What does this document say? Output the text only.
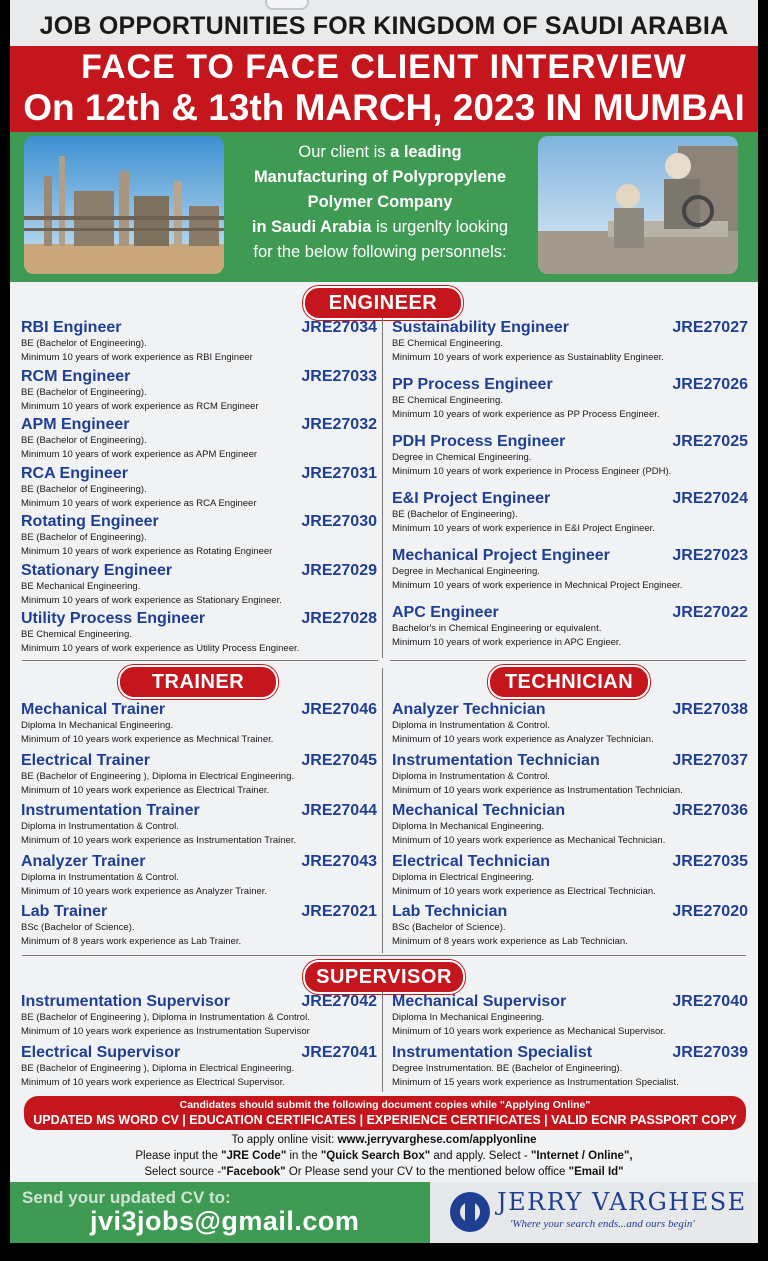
JOB OPPORTUNITIES FOR KINGDOM OF SAUDI ARABIA
FACE TO FACE CLIENT INTERVIEW
On 12th & 13th MARCH, 2023 IN MUMBAI
Our client is a leading
Manufacturing of Polypropylene
Polymer Company
in Saudi Arabia is urgenlty looking
for the below following personnels:
ENGINEER
RBI Engineer	JRE27034
BE (Bachelor of Engineering).
Minimum 10 years of work experience as RBI Engineer
RCM Engineer	JRE27033
BE (Bachelor of Engineering).
Minimum 10 years of work experience as RCM Engineer
APM Engineer	JRE27032
BE (Bachelor of Engineering).
Minimum 10 years of work experience as APM Engineer
RCA Engineer	JRE27031
BE (Bachelor of Engineering).
Minimum 10 years of work experience as RCA Engineer
Rotating Engineer	JRE27030
BE (Bachelor of Engineering).
Minimum 10 years of work experience as Rotating Engineer
Stationary Engineer	JRE27029
BE Mechanical Engineering.
Minimum 10 years of work experience as Stationary Engineer.
Utility Process Engineer	JRE27028
BE Chemical Engineering.
Minimum 10 years of work experience as Utility Process Engineer.
Sustainability Engineer	JRE27027
BE Chemical Engineering.
Minimum 10 years of work experience as Sustainablity Engineer.
PP Process Engineer	JRE27026
BE Chemical Engineering.
Minimum 10 years of work experience as PP Process Engineer.
PDH Process Engineer	JRE27025
Degree in Chemical Engineering.
Minimum 10 years of work experience in Process Engineer (PDH).
E&I Project Engineer	JRE27024
BE (Bachelor of Engineering).
Minimum 10 years of work experience in E&I Project Engineer.
Mechanical Project Engineer	JRE27023
Degree in Mechanical Engineering.
Minimum 10 years of work experience in Mechnical Project Engineer.
APC Engineer	JRE27022
Bachelor's in Chemical Engineering or equivalent.
Minimum 10 years of work experience in APC Engieer.
TRAINER	TECHNICIAN
Mechanical Trainer	JRE27046
Diploma In Mechanical Engineering.
Minimum of 10 years work experience as Mechnical Trainer.
Electrical Trainer	JRE27045
BE (Bachelor of Engineering ), Diploma in Electrical Engineering.
Minimum of 10 years work experience as Electrical Trainer.
Instrumentation Trainer	JRE27044
Diploma in Instrumentation & Control.
Minimum of 10 years work experience as Instrumentation Trainer.
Analyzer Trainer	JRE27043
Diploma in Instrumentation & Control.
Minimum of 10 years work experience as Analyzer Trainer.
Lab Trainer	JRE27021
BSc (Bachelor of Science).
Minimum of 8 years work experience as Lab Trainer.
Analyzer Technician	JRE27038
Diploma in Instrumentation & Control.
Minimum of 10 years work experience as Analyzer Technician.
Instrumentation Technician	JRE27037
Diploma in Instrumentation & Control.
Minimum of 10 years work experience as Instrumentation Technician.
Mechanical Technician	JRE27036
Diploma In Mechanical Engineering.
Minimum of 10 years work experience as Mechanical Technician.
Electrical Technician	JRE27035
Diploma in Electrical Engineering.
Minimum of 10 years work experience as Electrical Technician.
Lab Technician	JRE27020
BSc (Bachelor of Science).
Minimum of 8 years work experience as Lab Technician.
SUPERVISOR
Instrumentation Supervisor	JRE27042
BE (Bachelor of Engineering ), Diploma in Instrumentation & Control.
Minimum of 10 years work experience as Instrumentation Supervisor
Electrical Supervisor	JRE27041
BE (Bachelor of Engineering ), Diploma in Electrical Engineering.
Minimum of 10 years work experience as Electrical Supervisor.
Mechanical Supervisor	JRE27040
Diploma In Mechanical Engineering.
Minimum of 10 years work experience as Mechanical Supervisor.
Instrumentation Specialist	JRE27039
Degree Instrumentation. BE (Bachelor of Engineering).
Minimum of 15 years work experience as Instrumentation Specialist.
Candidates should submit the following document copies while "Applying Online"
UPDATED MS WORD CV | EDUCATION CERTIFICATES | EXPERIENCE CERTIFICATES | VALID ECNR PASSPORT COPY
To apply online visit: www.jerryvarghese.com/applyonline
Please input the "JRE Code" in the "Quick Search Box" and apply. Select - "Internet / Online",
Select source -"Facebook" Or Please send your CV to the mentioned below office "Email Id"
Send your updated CV to:
jvi3jobs@gmail.com
JERRY VARGHESE
'Where your search ends...and ours begin'
